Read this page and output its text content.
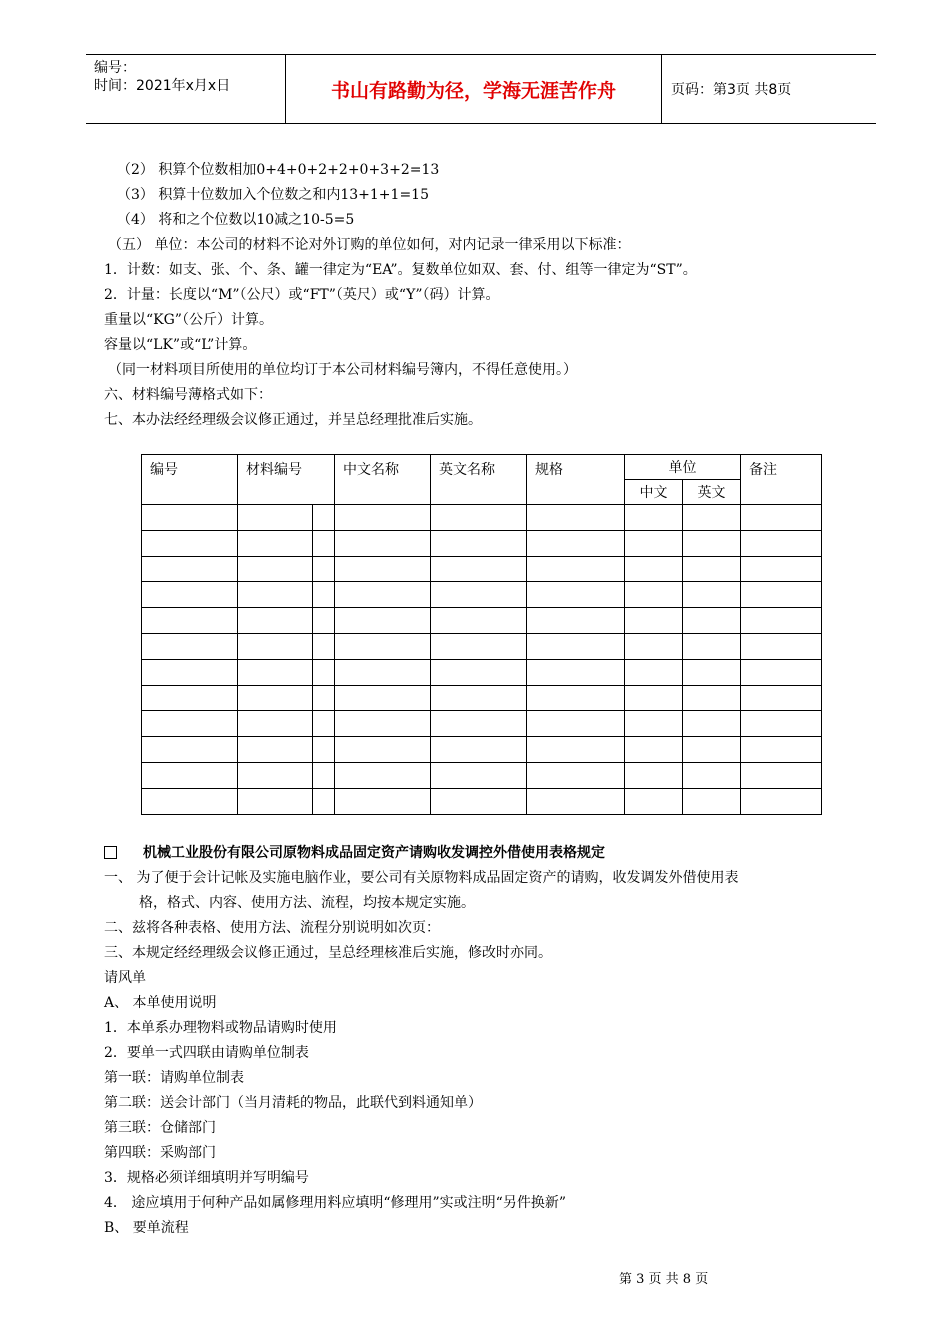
编号：
时间：2021年x月x日	书山有路勤为径，学海无涯苦作舟	页码：第3页 共8页
（2） 积算个位数相加0+4+0+2+2+0+3+2=13
（3） 积算十位数加入个位数之和内13+1+1=15
（4） 将和之个位数以10减之10-5=5
（五） 单位：本公司的材料不论对外订购的单位如何，对内记录一律采用以下标准：
1．计数：如支、张、个、条、罐一律定为“EA”。复数单位如双、套、付、组等一律定为“ST”。
2．计量：长度以“M”（公尺）或“FT”（英尺）或“Y”（码）计算。
重量以“KG”（公斤）计算。
容量以“LK”或“L”计算。
（同一材料项目所使用的单位均订于本公司材料编号簿内，不得任意使用。）
六、材料编号薄格式如下：
七、本办法经经理级会议修正通过，并呈总经理批准后实施。
编号	材料编号		中文名称	英文名称	规格	单位		备注
						中文	英文	

机械工业股份有限公司原物料成品固定资产请购收发调控外借使用表格规定
一、 为了便于会计记帐及实施电脑作业，要公司有关原物料成品固定资产的请购，收发调发外借使用表
格，格式、内容、使用方法、流程，均按本规定实施。
二、兹将各种表格、使用方法、流程分别说明如次页：
三、本规定经经理级会议修正通过，呈总经理核准后实施，修改时亦同。
请风单
A、 本单使用说明
1．本单系办理物料或物品请购时使用
2．要单一式四联由请购单位制表
第一联：请购单位制表
第二联：送会计部门（当月清耗的物品，此联代到料通知单）
第三联：仓储部门
第四联：采购部门
3．规格必须详细填明并写明编号
4． 途应填用于何种产品如属修理用料应填明“修理用”实或注明“另件换新”
B、 要单流程
第 3 页 共 8 页
